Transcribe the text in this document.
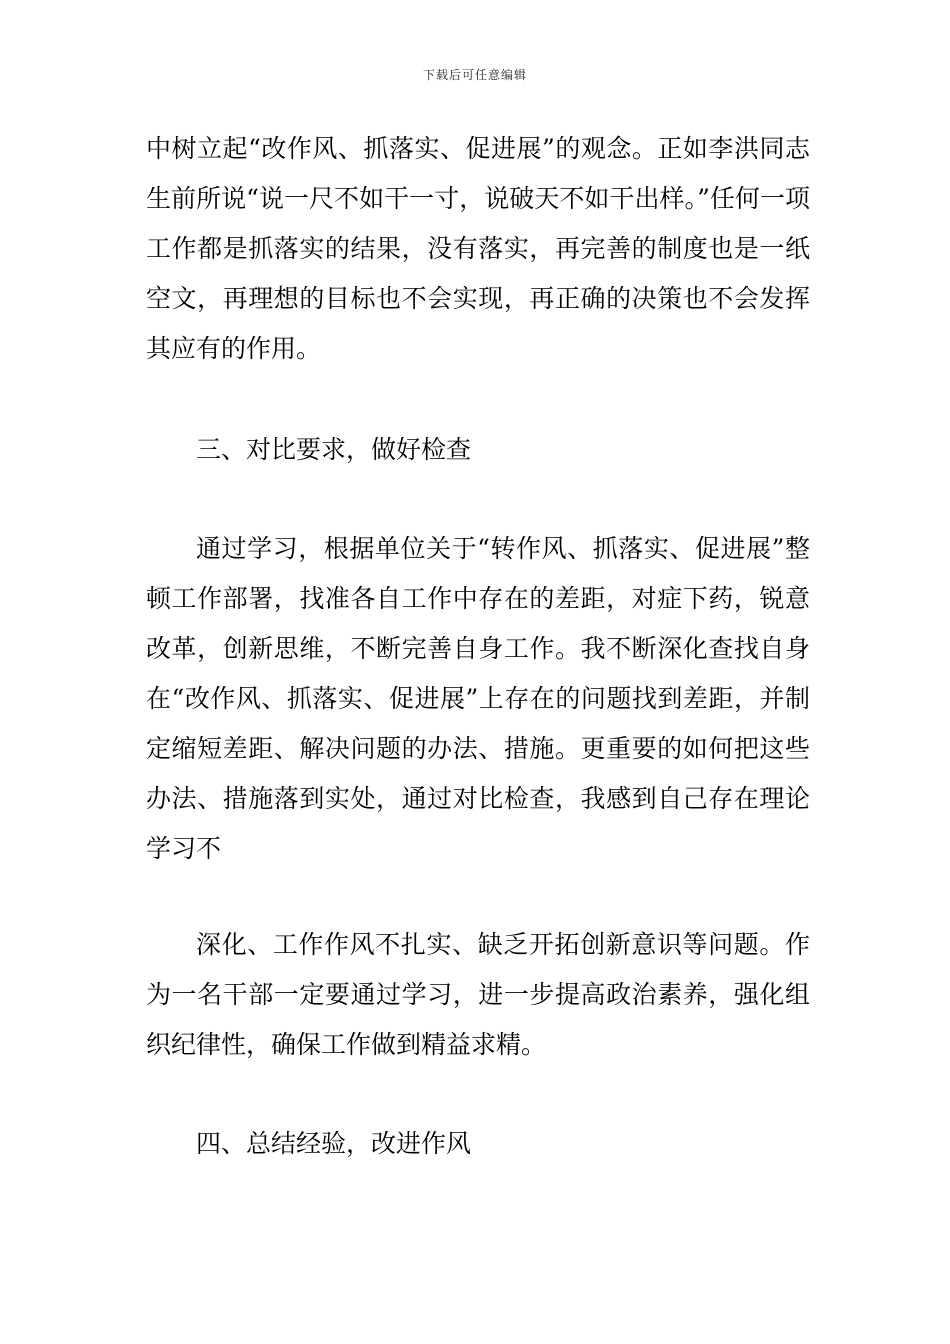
下载后可任意编辑

中树立起“改作风、抓落实、促进展”的观念。正如李洪同志生前所说“说一尺不如干一寸，说破天不如干出样。”任何一项工作都是抓落实的结果，没有落实，再完善的制度也是一纸空文，再理想的目标也不会实现，再正确的决策也不会发挥其应有的作用。

三、对比要求，做好检查

通过学习，根据单位关于“转作风、抓落实、促进展”整顿工作部署，找准各自工作中存在的差距，对症下药，锐意改革，创新思维，不断完善自身工作。我不断深化查找自身在“改作风、抓落实、促进展”上存在的问题找到差距，并制定缩短差距、解决问题的办法、措施。更重要的如何把这些办法、措施落到实处，通过对比检查，我感到自己存在理论学习不

深化、工作作风不扎实、缺乏开拓创新意识等问题。作为一名干部一定要通过学习，进一步提高政治素养，强化组织纪律性，确保工作做到精益求精。

四、总结经验，改进作风
